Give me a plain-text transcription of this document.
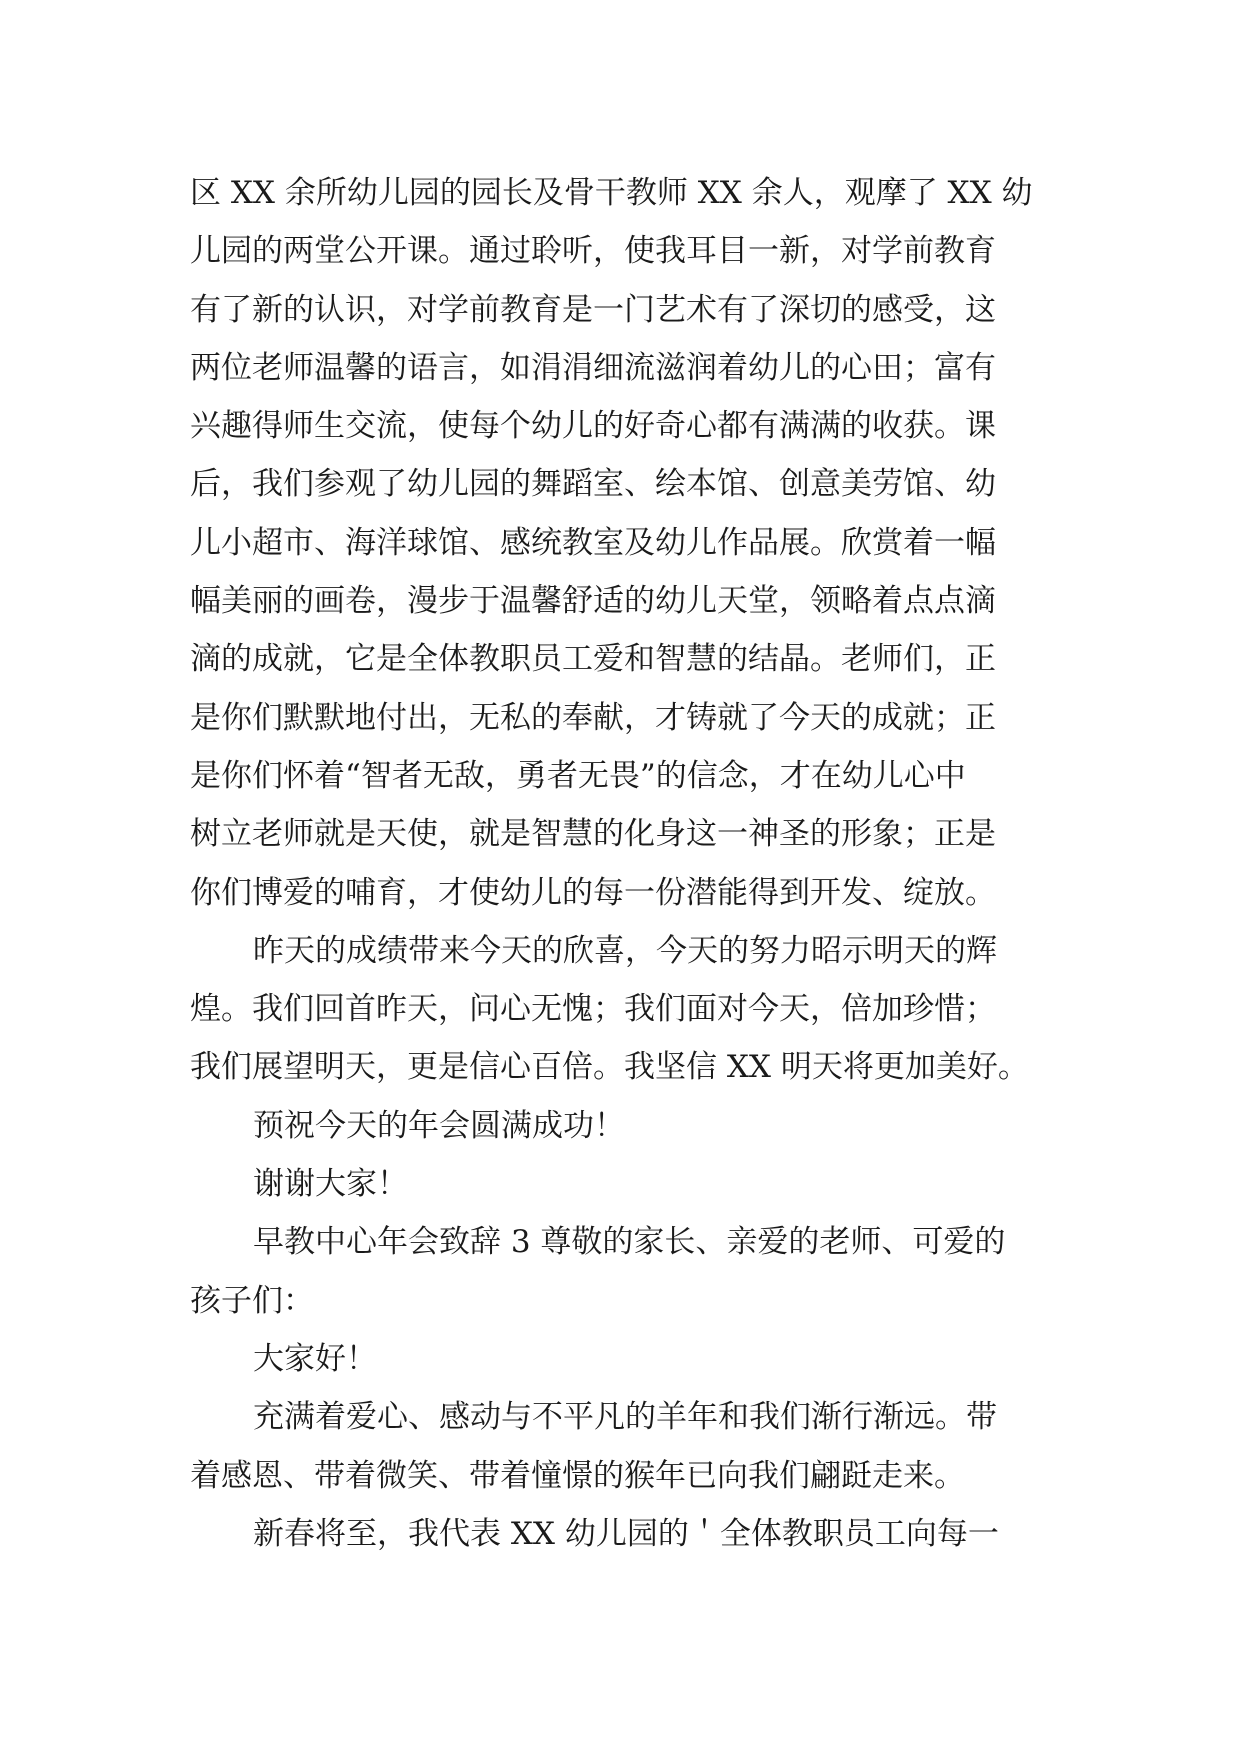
区 XX 余所幼儿园的园长及骨干教师 XX 余人，观摩了 XX 幼
儿园的两堂公开课。通过聆听，使我耳目一新，对学前教育
有了新的认识，对学前教育是一门艺术有了深切的感受，这
两位老师温馨的语言，如涓涓细流滋润着幼儿的心田；富有
兴趣得师生交流，使每个幼儿的好奇心都有满满的收获。课
后，我们参观了幼儿园的舞蹈室、绘本馆、创意美劳馆、幼
儿小超市、海洋球馆、感统教室及幼儿作品展。欣赏着一幅
幅美丽的画卷，漫步于温馨舒适的幼儿天堂，领略着点点滴
滴的成就，它是全体教职员工爱和智慧的结晶。老师们，正
是你们默默地付出，无私的奉献，才铸就了今天的成就；正
是你们怀着“智者无敌，勇者无畏”的信念，才在幼儿心中
树立老师就是天使，就是智慧的化身这一神圣的形象；正是
你们博爱的哺育，才使幼儿的每一份潜能得到开发、绽放。
昨天的成绩带来今天的欣喜，今天的努力昭示明天的辉
煌。我们回首昨天，问心无愧；我们面对今天，倍加珍惜；
我们展望明天，更是信心百倍。我坚信 XX 明天将更加美好。
预祝今天的年会圆满成功！
谢谢大家！
早教中心年会致辞 3 尊敬的家长、亲爱的老师、可爱的
孩子们：
大家好！
充满着爱心、感动与不平凡的羊年和我们渐行渐远。带
着感恩、带着微笑、带着憧憬的猴年已向我们翩跹走来。
新春将至，我代表 XX 幼儿园的＇全体教职员工向每一
